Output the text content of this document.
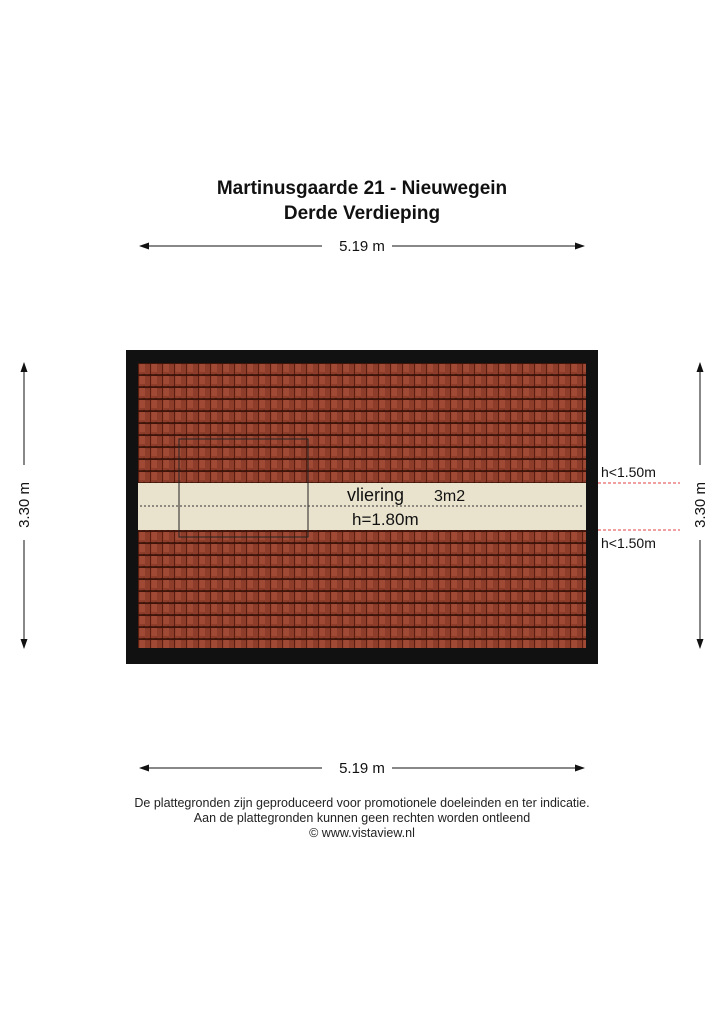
Martinusgaarde 21 - Nieuwegein
Derde Verdieping
5.19 m
5.19 m
3.30 m	3.30 m
h<1.50m
h<1.50m
vliering 3m2
h=1.80m
De plattegronden zijn geproduceerd voor promotionele doeleinden en ter indicatie.
Aan de plattegronden kunnen geen rechten worden ontleend
© www.vistaview.nl
